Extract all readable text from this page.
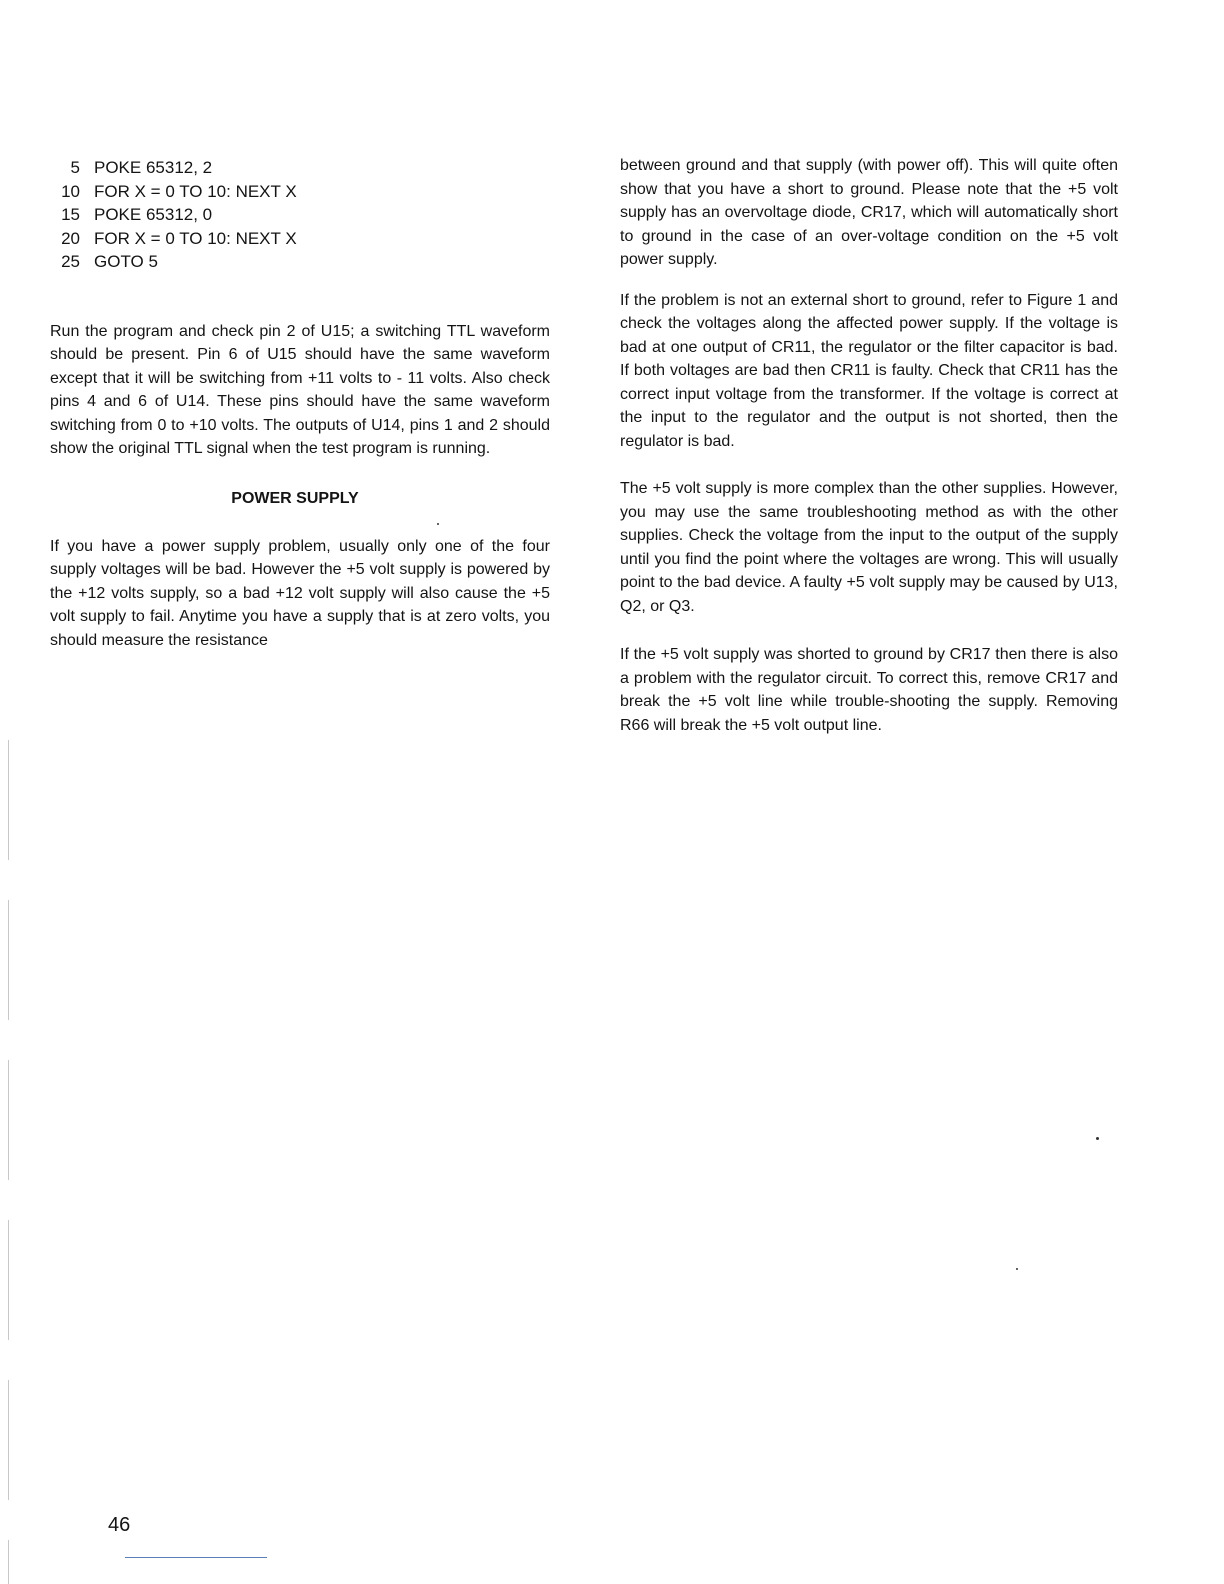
5 POKE 65312, 2
10 FOR X = 0 TO 10: NEXT X
15 POKE 65312, 0
20 FOR X = 0 TO 10: NEXT X
25 GOTO 5

Run the program and check pin 2 of U15; a switching TTL waveform should be present. Pin 6 of U15 should have the same waveform except that it will be switching from +11 volts to - 11 volts. Also check pins 4 and 6 of U14. These pins should have the same waveform switching from 0 to +10 volts. The outputs of U14, pins 1 and 2 should show the original TTL signal when the test program is running.

POWER SUPPLY

If you have a power supply problem, usually only one of the four supply voltages will be bad. However the +5 volt supply is powered by the +12 volts supply, so a bad +12 volt supply will also cause the +5 volt supply to fail. Anytime you have a supply that is at zero volts, you should measure the resistance

between ground and that supply (with power off). This will quite often show that you have a short to ground. Please note that the +5 volt supply has an overvoltage diode, CR17, which will automatically short to ground in the case of an over-voltage condition on the +5 volt power supply.

If the problem is not an external short to ground, refer to Figure 1 and check the voltages along the affected power supply. If the voltage is bad at one output of CR11, the regulator or the filter capacitor is bad. If both voltages are bad then CR11 is faulty. Check that CR11 has the correct input voltage from the transformer. If the voltage is correct at the input to the regulator and the output is not shorted, then the regulator is bad.

The +5 volt supply is more complex than the other supplies. However, you may use the same troubleshooting method as with the other supplies. Check the voltage from the input to the output of the supply until you find the point where the voltages are wrong. This will usually point to the bad device. A faulty +5 volt supply may be caused by U13, Q2, or Q3.

If the +5 volt supply was shorted to ground by CR17 then there is also a problem with the regulator circuit. To correct this, remove CR17 and break the +5 volt line while trouble-shooting the supply. Removing R66 will break the +5 volt output line.

46
